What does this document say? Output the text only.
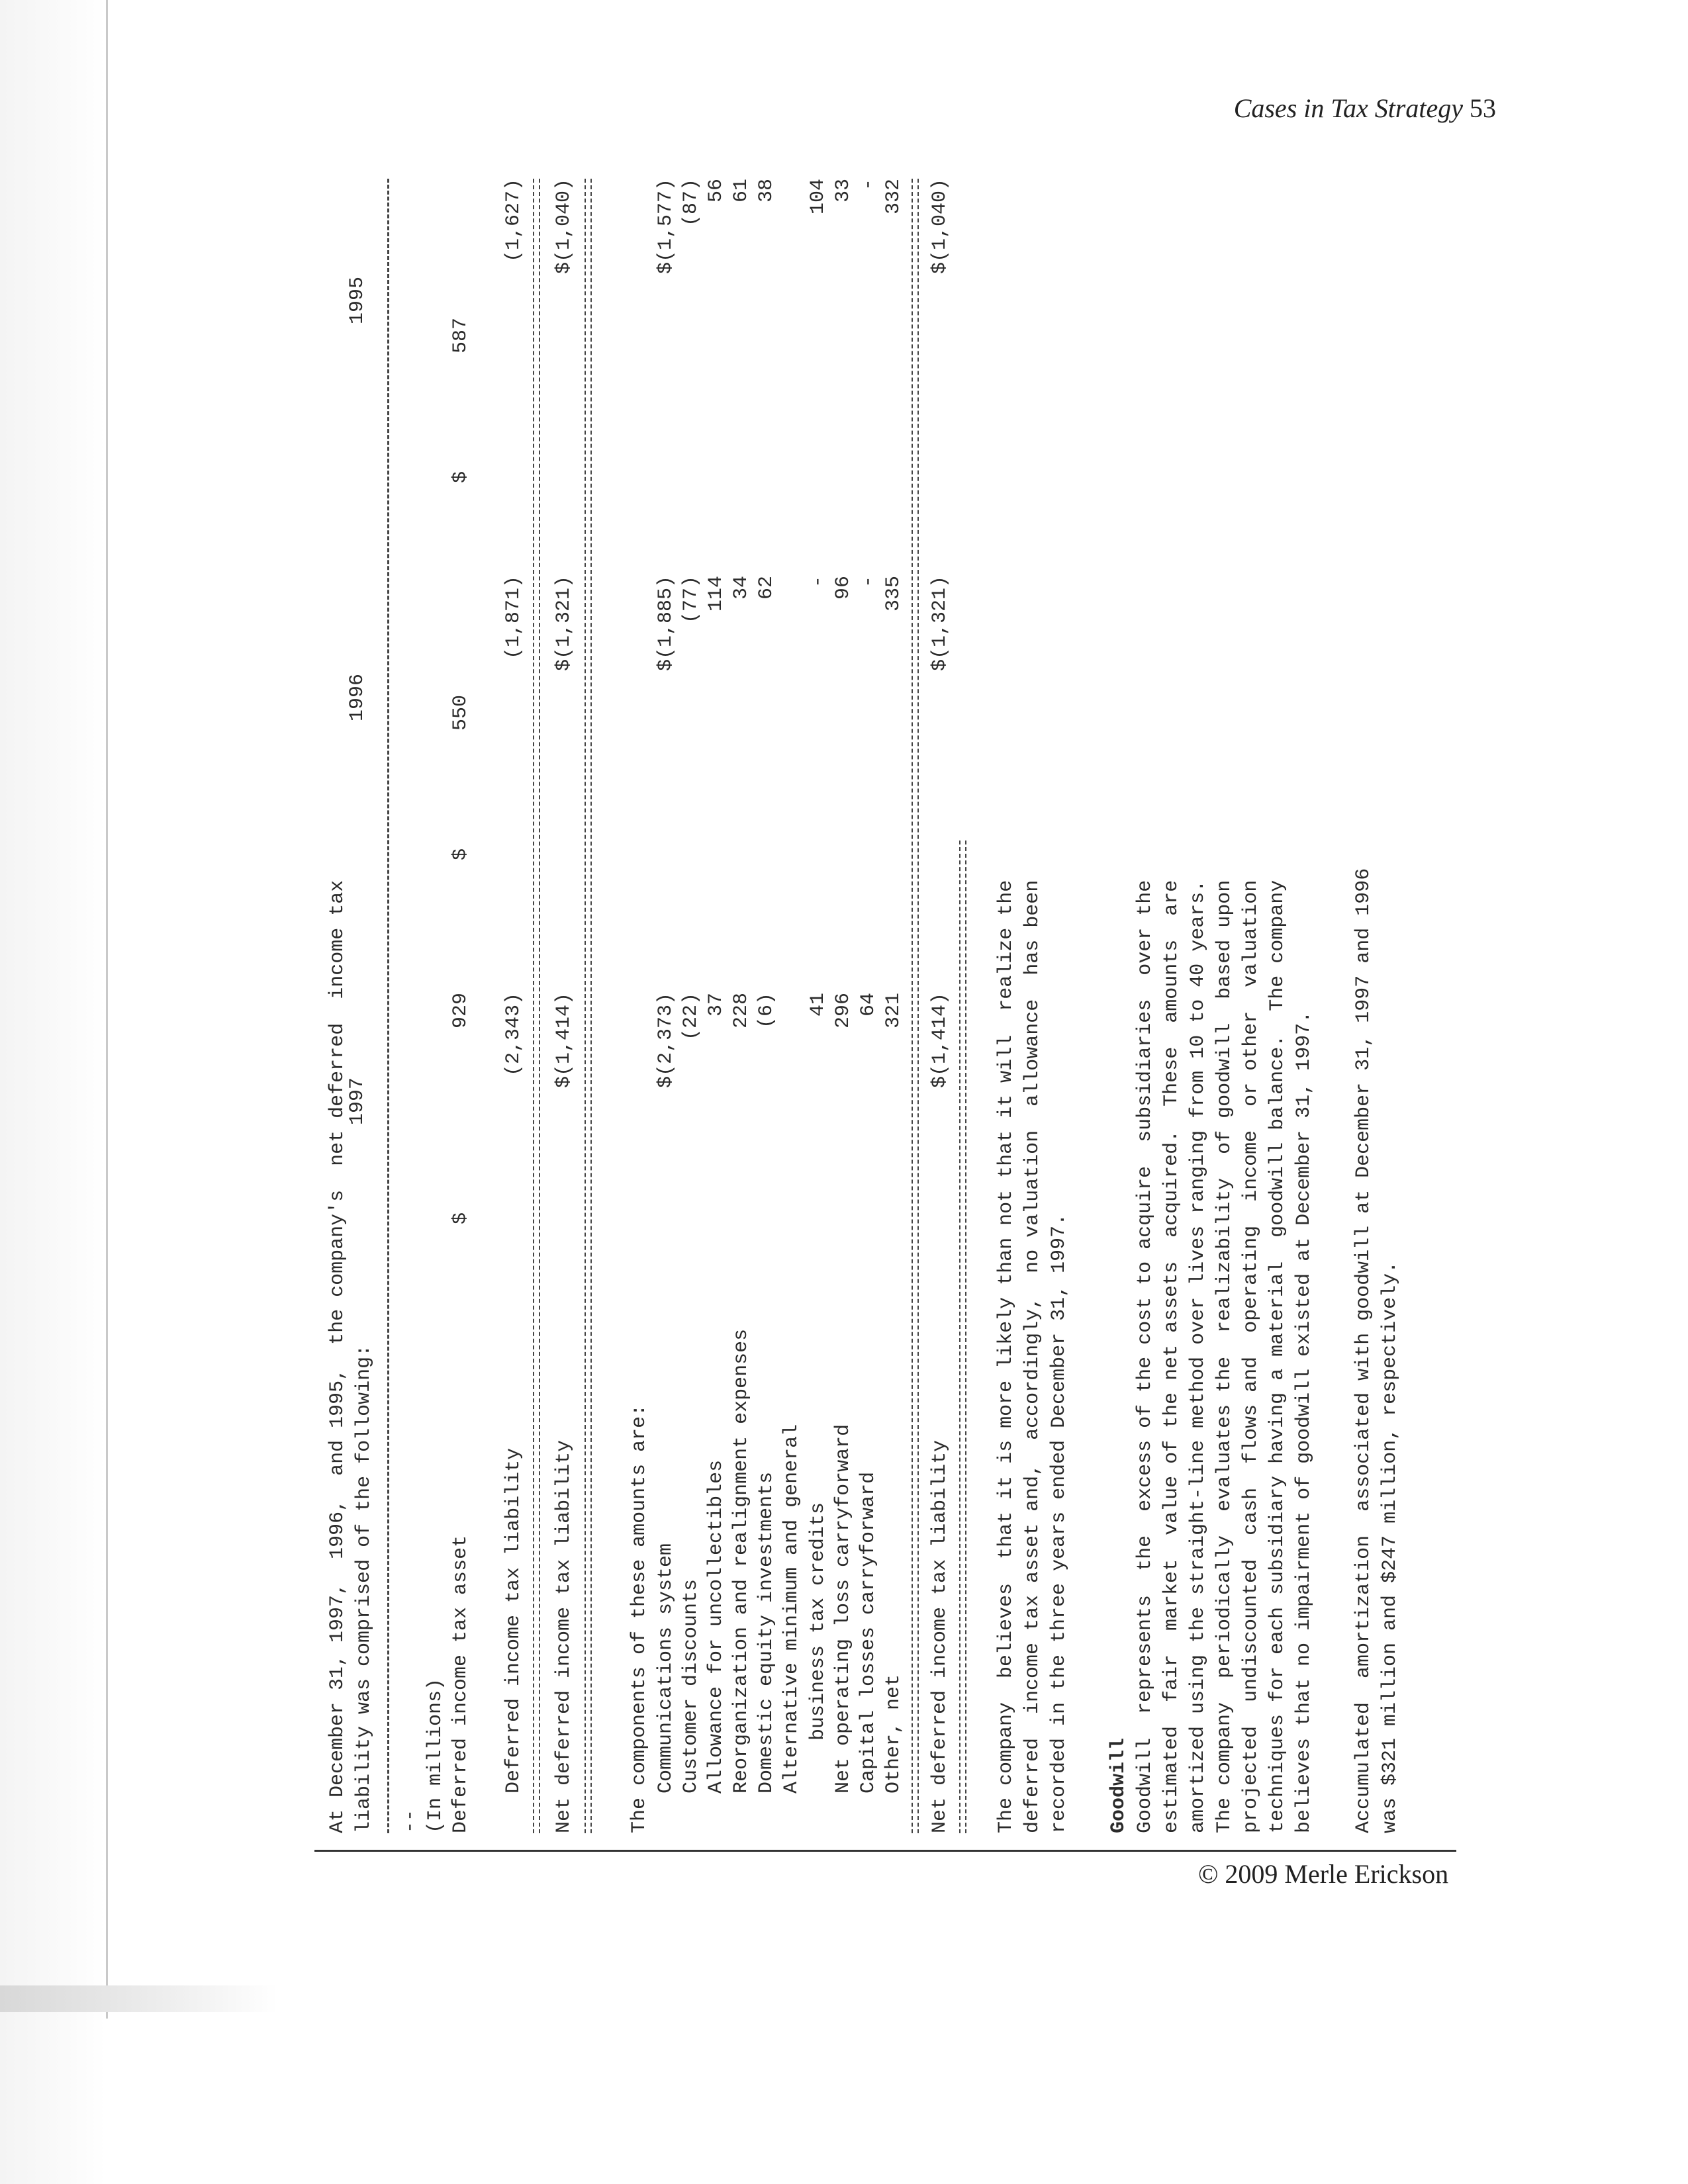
Cases in Tax Strategy 53
© 2009 Merle Erickson
At December 31, 1997,  1996,  and 1995,  the company's  net deferred  income tax liability was comprised of the following:
1997
1996
1995
-- (In millions) Deferred income tax asset
$
929
$
550
$
587
Deferred income tax liability
(2,343)
(1,871)
(1,627)
Net deferred income tax liability
$(1,414)
$(1,321)
$(1,040)
The components of these amounts are: Communications system
$(2,373)
$(1,885)
$(1,577)
Customer discounts
(22)
(77)
(87)
Allowance for uncollectibles
37
114
56
Reorganization and realignment expenses
228
34
61
Domestic equity investments
(6)
62
38
Alternative minimum and general business tax credits
41
-
104
Net operating loss carryforward
296
96
33
Capital losses carryforward
64
-
-
Other, net
321
335
332
Net deferred income tax liability
$(1,414)
$(1,321)
$(1,040)
The company  believes  that it is more likely than not that it will  realize the deferred  income tax asset and,  accordingly,  no valuation  allowance  has been recorded in the three years ended December 31, 1997. Goodwill Goodwill  represents  the  excess of the cost to acquire  subsidiaries  over the estimated  fair  market  value of the net assets  acquired.  These  amounts  are amortized using the straight-line method over lives ranging from 10 to 40 years. The company  periodically  evaluates the  realizability  of goodwill  based upon projected  undiscounted  cash  flows and  operating  income  or other  valuation techniques for each subsidiary having a material  goodwill balance.  The company believes that no impairment of goodwill existed at December 31, 1997. Accumulated  amortization  associated with goodwill at December 31, 1997 and 1996 was $321 million and $247 million, respectively.
